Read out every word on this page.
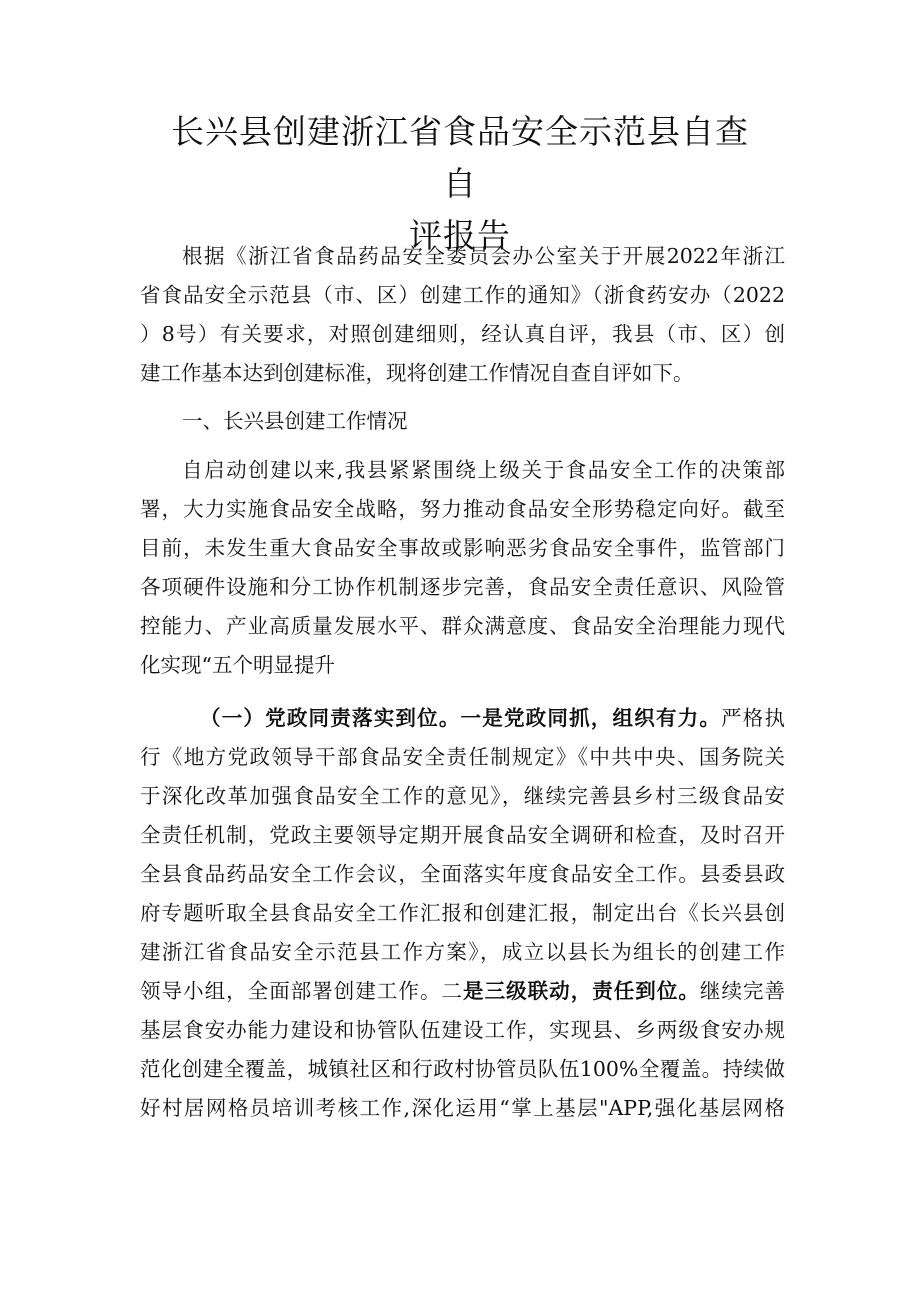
长兴县创建浙江省食品安全示范县自查自
评报告
根据《浙江省食品药品安全委员会办公室关于开展2022年浙江
省食品安全示范县（市、区）创建工作的通知》（浙食药安办（2022
）8号）有关要求，对照创建细则，经认真自评，我县（市、区）创
建工作基本达到创建标准，现将创建工作情况自查自评如下。
一、长兴县创建工作情况
自启动创建以来,我县紧紧围绕上级关于食品安全工作的决策部
署，大力实施食品安全战略，努力推动食品安全形势稳定向好。截至
目前，未发生重大食品安全事故或影响恶劣食品安全事件，监管部门
各项硬件设施和分工协作机制逐步完善，食品安全责任意识、风险管
控能力、产业高质量发展水平、群众满意度、食品安全治理能力现代
化实现“五个明显提升
（一）党政同责落实到位。一是党政同抓，组织有力。严格执
行《地方党政领导干部食品安全责任制规定》《中共中央、国务院关
于深化改革加强食品安全工作的意见》，继续完善县乡村三级食品安
全责任机制，党政主要领导定期开展食品安全调研和检查，及时召开
全县食品药品安全工作会议，全面落实年度食品安全工作。县委县政
府专题听取全县食品安全工作汇报和创建汇报，制定出台《长兴县创
建浙江省食品安全示范县工作方案》，成立以县长为组长的创建工作
领导小组，全面部署创建工作。二是三级联动，责任到位。继续完善
基层食安办能力建设和协管队伍建设工作，实现县、乡两级食安办规
范化创建全覆盖，城镇社区和行政村协管员队伍100%全覆盖。持续做
好村居网格员培训考核工作,深化运用“掌上基层"APP,强化基层网格
